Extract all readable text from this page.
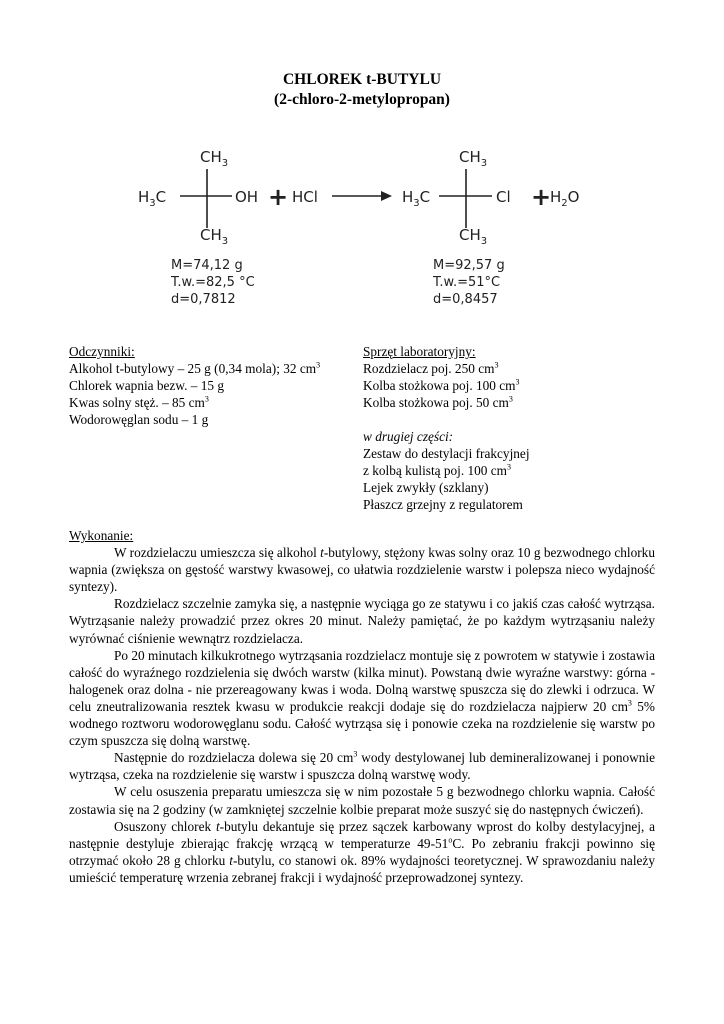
CHLOREK t-BUTYLU
(2-chloro-2-metylopropan)
$CH_3$
$H_3C$	OH
$CH_3$
+ HCl
$CH_3$
$H_3C$	Cl
$CH_3$
+
$H_2O$
M=74,12 g
T.w.=82,5 °C
d=0,7812
M=92,57 g
T.w.=51°C
d=0,8457
Odczynniki:
Alkohol t-butylowy – 25 g (0,34 mola); 32 $cm^3$
Chlorek wapnia bezw. – 15 g
Kwas solny stęż. – 85 $cm^3$
Wodorowęglan sodu – 1 g
Sprzęt laboratoryjny:
Rozdzielacz poj. 250 $cm^3$
Kolba stożkowa poj. 100 $cm^3$
Kolba stożkowa poj. 50 $cm^3$
w drugiej części:
Zestaw do destylacji frakcyjnej
z kolbą kulistą poj. 100 $cm^3$
Lejek zwykły (szklany)
Płaszcz grzejny z regulatorem

Wykonanie:

W rozdzielaczu umieszcza się alkohol t-butylowy, stężony kwas solny oraz 10 g bezwodnego chlorku wapnia (zwiększa on gęstość warstwy kwasowej, co ułatwia rozdzielenie warstw i polepsza nieco wydajność syntezy).

Rozdzielacz szczelnie zamyka się, a następnie wyciąga go ze statywu i co jakiś czas całość wytrząsa. Wytrząsanie należy prowadzić przez okres 20 minut. Należy pamiętać, że po każdym wytrząsaniu należy wyrównać ciśnienie wewnątrz rozdzielacza.

Po 20 minutach kilkukrotnego wytrząsania rozdzielacz montuje się z powrotem w statywie i zostawia całość do wyraźnego rozdzielenia się dwóch warstw (kilka minut). Powstaną dwie wyraźne warstwy: górna - halogenek oraz dolna - nie przereagowany kwas i woda. Dolną warstwę spuszcza się do zlewki i odrzuca. W celu zneutralizowania resztek kwasu w produkcie reakcji dodaje się do rozdzielacza najpierw 20 $cm^3$ 5% wodnego roztworu wodorowęglanu sodu. Całość wytrząsa się i ponowie czeka na rozdzielenie się warstw po czym spuszcza się dolną warstwę.

Następnie do rozdzielacza dolewa się 20 $cm^3$ wody destylowanej lub demineralizowanej i ponownie wytrząsa, czeka na rozdzielenie się warstw i spuszcza dolną warstwę wody.

W celu osuszenia preparatu umieszcza się w nim pozostałe 5 g bezwodnego chlorku wapnia. Całość zostawia się na 2 godziny (w zamkniętej szczelnie kolbie preparat może suszyć się do następnych ćwiczeń).

Osuszony chlorek t-butylu dekantuje się przez sączek karbowany wprost do kolby destylacyjnej, a następnie destyluje zbierając frakcję wrzącą w temperaturze 49-51$^o$C. Po zebraniu frakcji powinno się otrzymać około 28 g chlorku t-butylu, co stanowi ok. 89% wydajności teoretycznej. W sprawozdaniu należy umieścić temperaturę wrzenia zebranej frakcji i wydajność przeprowadzonej syntezy.
